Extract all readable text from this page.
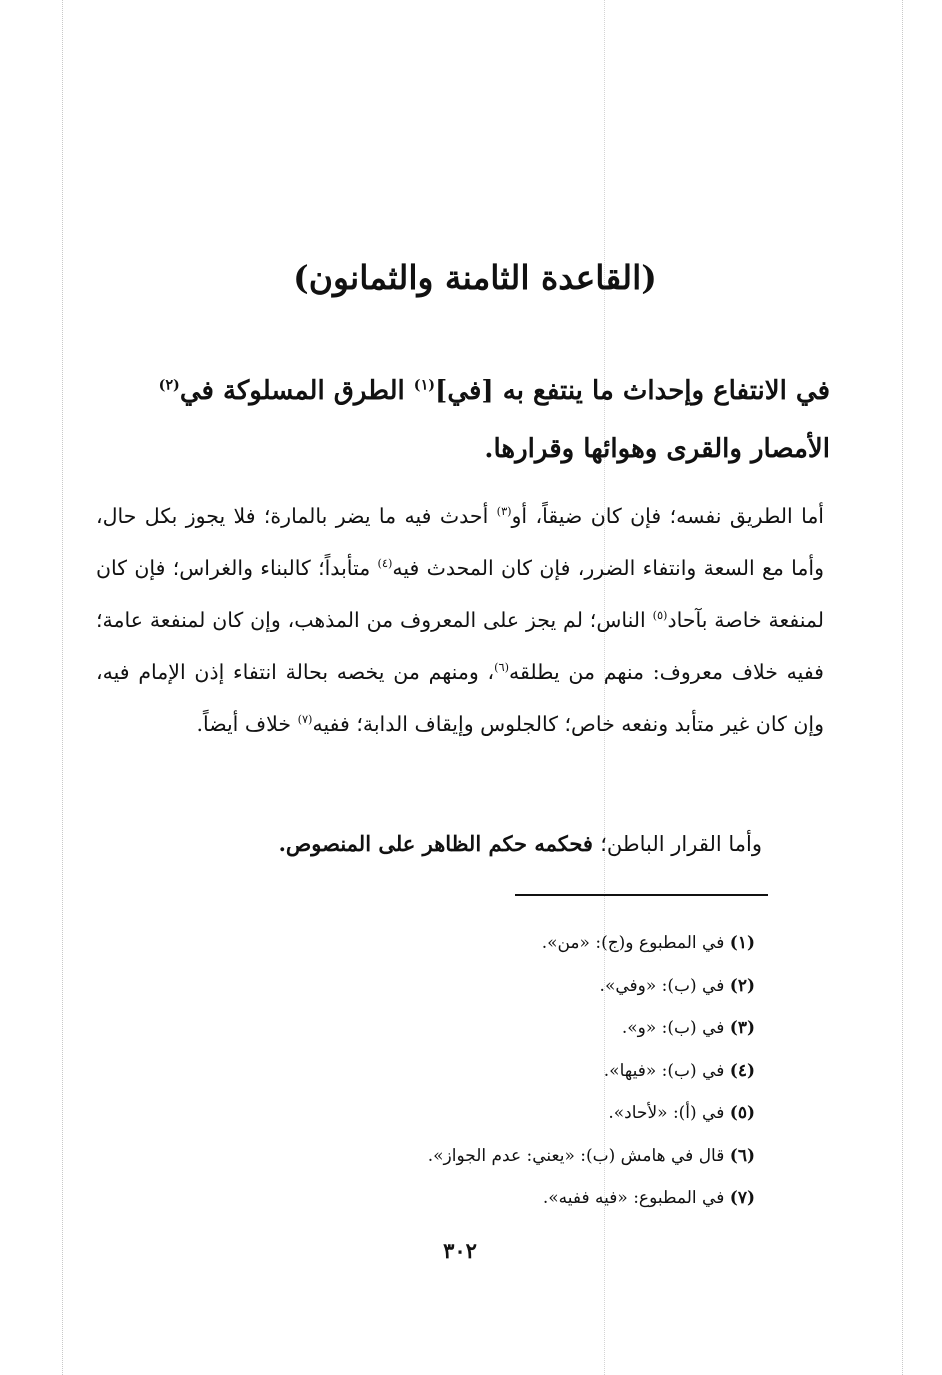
(القاعدة الثامنة والثمانون)

في الانتفاع وإحداث ما ينتفع به [في]$^{(١)}$ الطرق المسلوكة في$^{(٢)}$ الأمصار والقرى وهوائها وقرارها.

أما الطريق نفسه؛ فإن كان ضيقاً، أو$^{(٣)}$ أحدث فيه ما يضر بالمارة؛ فلا يجوز بكل حال، وأما مع السعة وانتفاء الضرر، فإن كان المحدث فيه$^{(٤)}$ متأبداً؛ كالبناء والغراس؛ فإن كان لمنفعة خاصة بآحاد$^{(٥)}$ الناس؛ لم يجز على المعروف من المذهب، وإن كان لمنفعة عامة؛ ففيه خلاف معروف: منهم من يطلقه$^{(٦)}$، ومنهم من يخصه بحالة انتفاء إذن الإمام فيه، وإن كان غير متأبد ونفعه خاص؛ كالجلوس وإيقاف الدابة؛ ففيه$^{(٧)}$ خلاف أيضاً.

وأما القرار الباطن؛ فحكمه حكم الظاهر على المنصوص.

(١) في المطبوع و(ج): «من».
(٢) في (ب): «وفي».
(٣) في (ب): «و».
(٤) في (ب): «فيها».
(٥) في (أ): «لأحاد».
(٦) قال في هامش (ب): «يعني: عدم الجواز».
(٧) في المطبوع: «فيه ففيه».
٣٠٢
